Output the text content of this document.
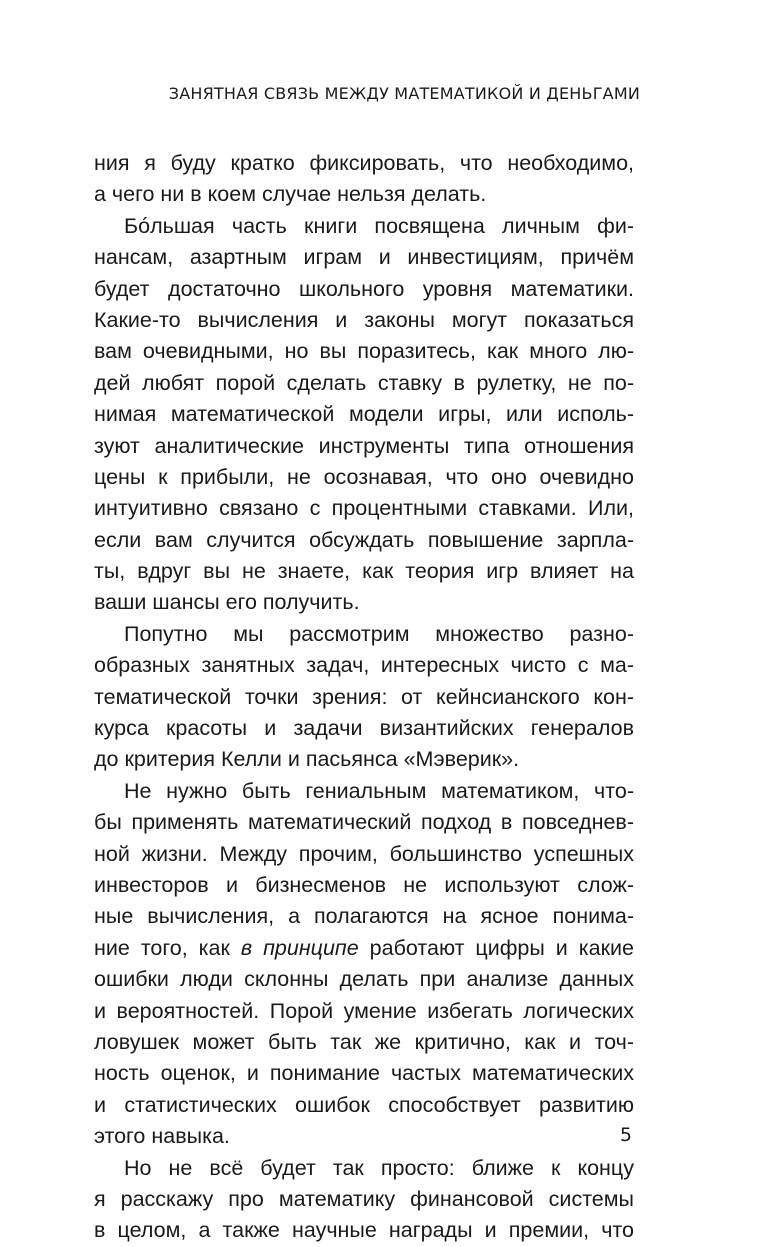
ЗАНЯТНАЯ СВЯЗЬ МЕЖДУ МАТЕМАТИКОЙ И ДЕНЬГАМИ
ния я буду кратко фиксировать, что необходимо,
а чего ни в коем случае нельзя делать.
Бóльшая часть книги посвящена личным фи-
нансам, азартным играм и инвестициям, причём
будет достаточно школьного уровня математики.
Какие-то вычисления и законы могут показаться
вам очевидными, но вы поразитесь, как много лю-
дей любят порой сделать ставку в рулетку, не по-
нимая математической модели игры, или исполь-
зуют аналитические инструменты типа отношения
цены к прибыли, не осознавая, что оно очевидно
интуитивно связано с процентными ставками. Или,
если вам случится обсуждать повышение зарпла-
ты, вдруг вы не знаете, как теория игр влияет на
ваши шансы его получить.
Попутно мы рассмотрим множество разно-
образных занятных задач, интересных чисто с ма-
тематической точки зрения: от кейнсианского кон-
курса красоты и задачи византийских генералов
до критерия Келли и пасьянса «Мэверик».
Не нужно быть гениальным математиком, что-
бы применять математический подход в повседнев-
ной жизни. Между прочим, большинство успешных
инвесторов и бизнесменов не используют слож-
ные вычисления, а полагаются на ясное понима-
ние того, как в принципе работают цифры и какие
ошибки люди склонны делать при анализе данных
и вероятностей. Порой умение избегать логических
ловушек может быть так же критично, как и точ-
ность оценок, и понимание частых математических
и статистических ошибок способствует развитию
этого навыка.
Но не всё будет так просто: ближе к концу
я расскажу про математику финансовой системы
в целом, а также научные награды и премии, что
5
